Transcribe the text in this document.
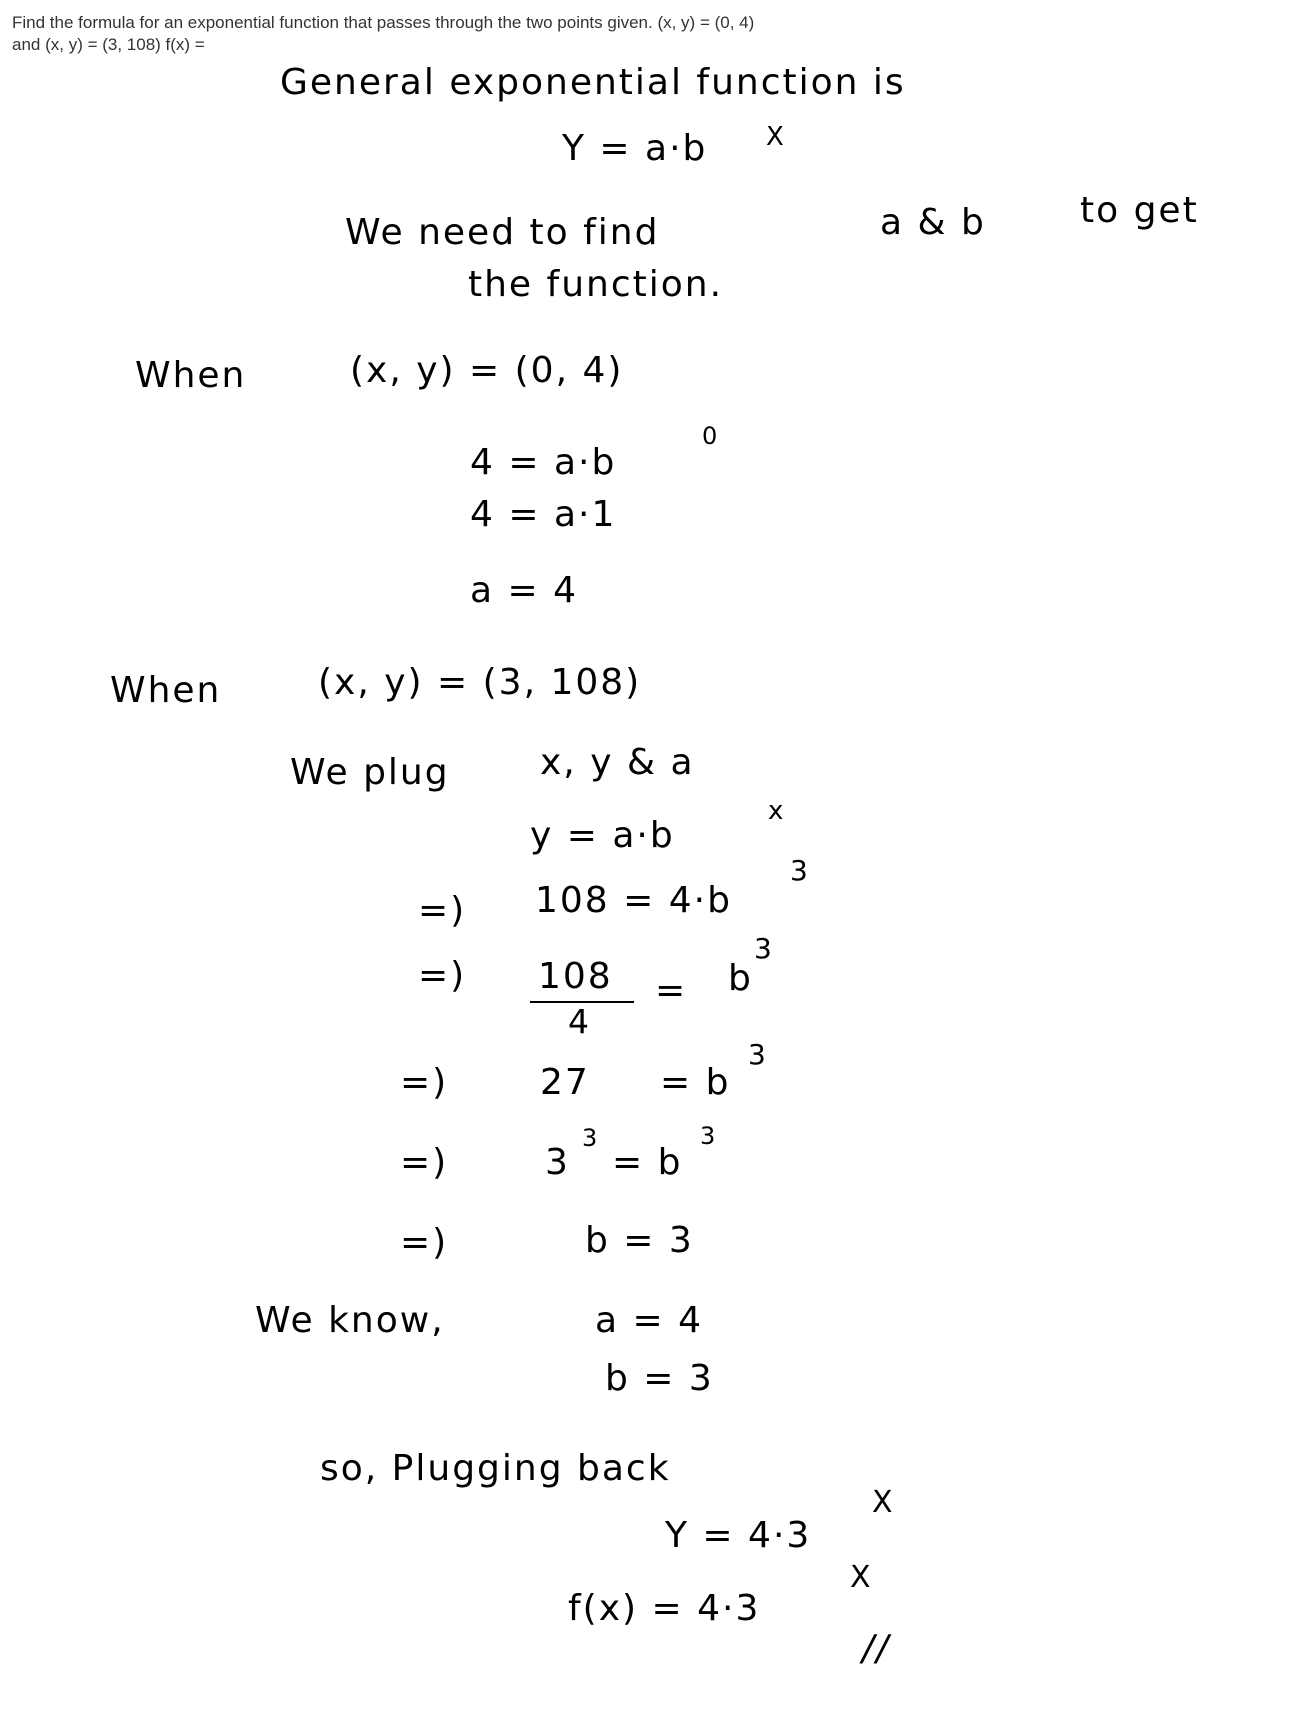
Find the formula for an exponential function that passes through the two points given. (x, y) = (0, 4)

and (x, y) = (3, 108) f(x) =

General exponential function is
Y = a·b X
We need to find	a & b	to get
the function.
When	(x, y) = (0, 4)
4 = a·b
0
4 = a·1
a = 4
When	(x, y) = (3, 108)
We plug	x, y & a
y = a·b
x
=) 108 = 4·b
3
=) 108
4
= b
3
=)	27 = b
3
=)	3
3
= b
3
=)	b = 3
We know,	a = 4
b = 3
so, Plugging back
Y = 4·3
X
f(x) = 4·3
X
//
